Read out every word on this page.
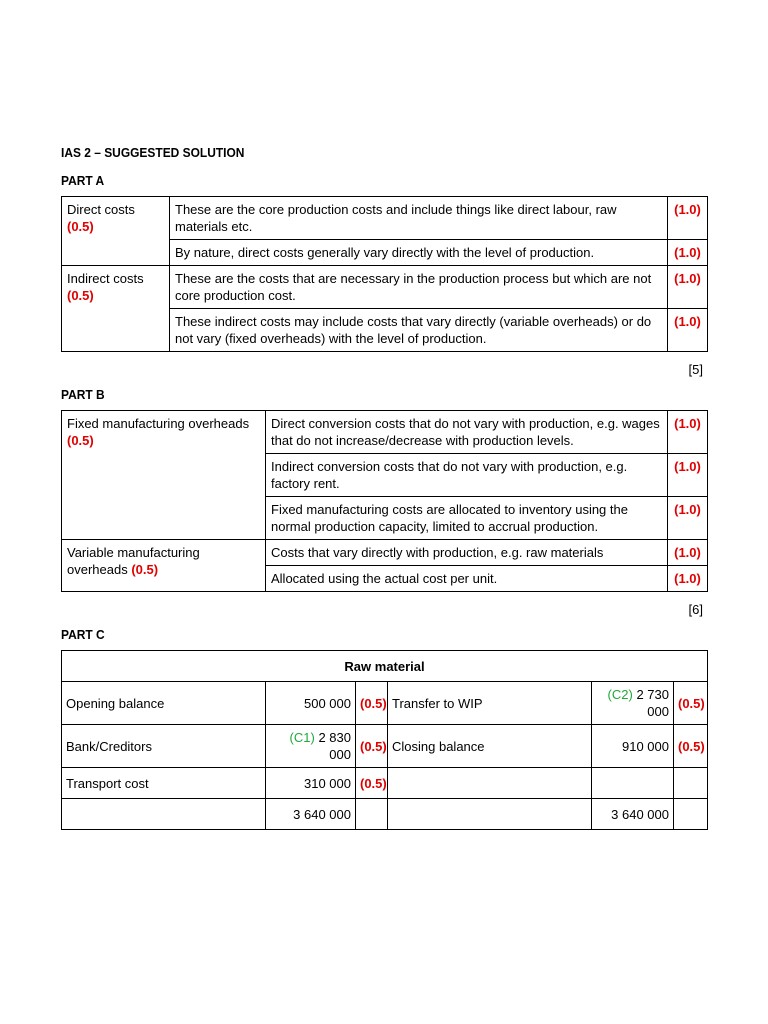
IAS 2 – SUGGESTED SOLUTION
PART A
Direct costs (0.5)	These are the core production costs and include things like direct labour, raw materials etc.	(1.0)
	By nature, direct costs generally vary directly with the level of production.	(1.0)
Indirect costs (0.5)	These are the costs that are necessary in the production process but which are not core production cost.	(1.0)
	These indirect costs may include costs that vary directly (variable overheads) or do not vary (fixed overheads) with the level of production.	(1.0)
[5]
PART B
Fixed manufacturing overheads (0.5)	Direct conversion costs that do not vary with production, e.g. wages that do not increase/decrease with production levels.	(1.0)
	Indirect conversion costs that do not vary with production, e.g. factory rent.	(1.0)
	Fixed manufacturing costs are allocated to inventory using the normal production capacity, limited to accrual production.	(1.0)
Variable manufacturing overheads (0.5)	Costs that vary directly with production, e.g. raw materials	(1.0)
	Allocated using the actual cost per unit.	(1.0)
[6]
PART C
Raw material					
Opening balance	500 000	(0.5)	Transfer to WIP	(C2) 2 730 000	(0.5)
Bank/Creditors	(C1) 2 830 000	(0.5)	Closing balance	910 000	(0.5)
Transport cost	310 000	(0.5)			
	3 640 000			3 640 000	
